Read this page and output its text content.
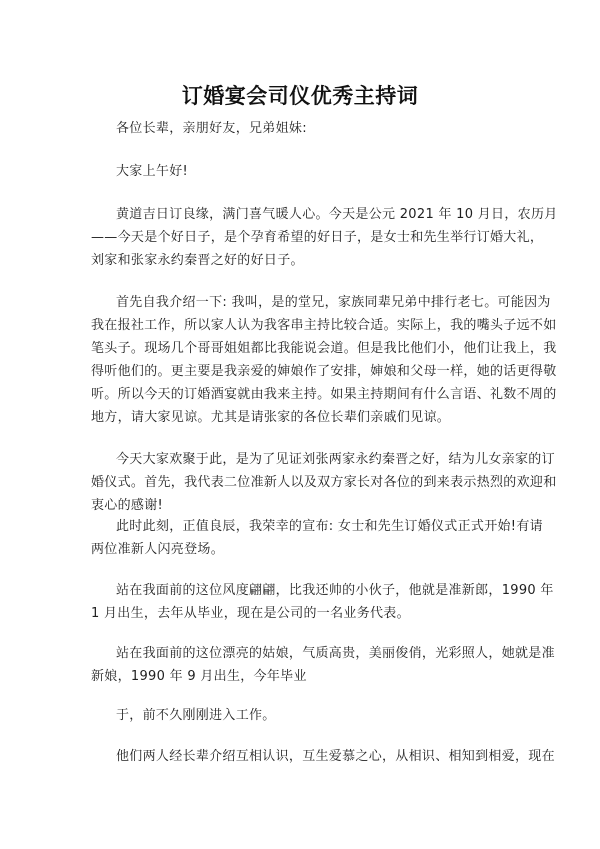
订婚宴会司仪优秀主持词

各位长辈，亲朋好友，兄弟姐妹:

大家上午好!

黄道吉日订良缘，满门喜气暖人心。今天是公元 2021 年 10 月日，农历月
——今天是个好日子，是个孕育希望的好日子，是女士和先生举行订婚大礼，
刘家和张家永约秦晋之好的好日子。

首先自我介绍一下: 我叫，是的堂兄，家族同辈兄弟中排行老七。可能因为
我在报社工作，所以家人认为我客串主持比较合适。实际上，我的嘴头子远不如
笔头子。现场几个哥哥姐姐都比我能说会道。但是我比他们小，他们让我上，我
得听他们的。更主要是我亲爱的婶娘作了安排，婶娘和父母一样，她的话更得敬
听。所以今天的订婚酒宴就由我来主持。如果主持期间有什么言语、礼数不周的
地方，请大家见谅。尤其是请张家的各位长辈们亲戚们见谅。

今天大家欢聚于此，是为了见证刘张两家永约秦晋之好，结为儿女亲家的订
婚仪式。首先，我代表二位准新人以及双方家长对各位的到来表示热烈的欢迎和
衷心的感谢!

此时此刻，正值良辰，我荣幸的宣布: 女士和先生订婚仪式正式开始!有请
两位准新人闪亮登场。

站在我面前的这位风度翩翩，比我还帅的小伙子，他就是准新郎，1990 年
1 月出生，去年从毕业，现在是公司的一名业务代表。

站在我面前的这位漂亮的姑娘，气质高贵，美丽俊俏，光彩照人，她就是准
新娘，1990 年 9 月出生，今年毕业

于，前不久刚刚进入工作。

他们两人经长辈介绍互相认识，互生爱慕之心，从相识、相知到相爱，现在
